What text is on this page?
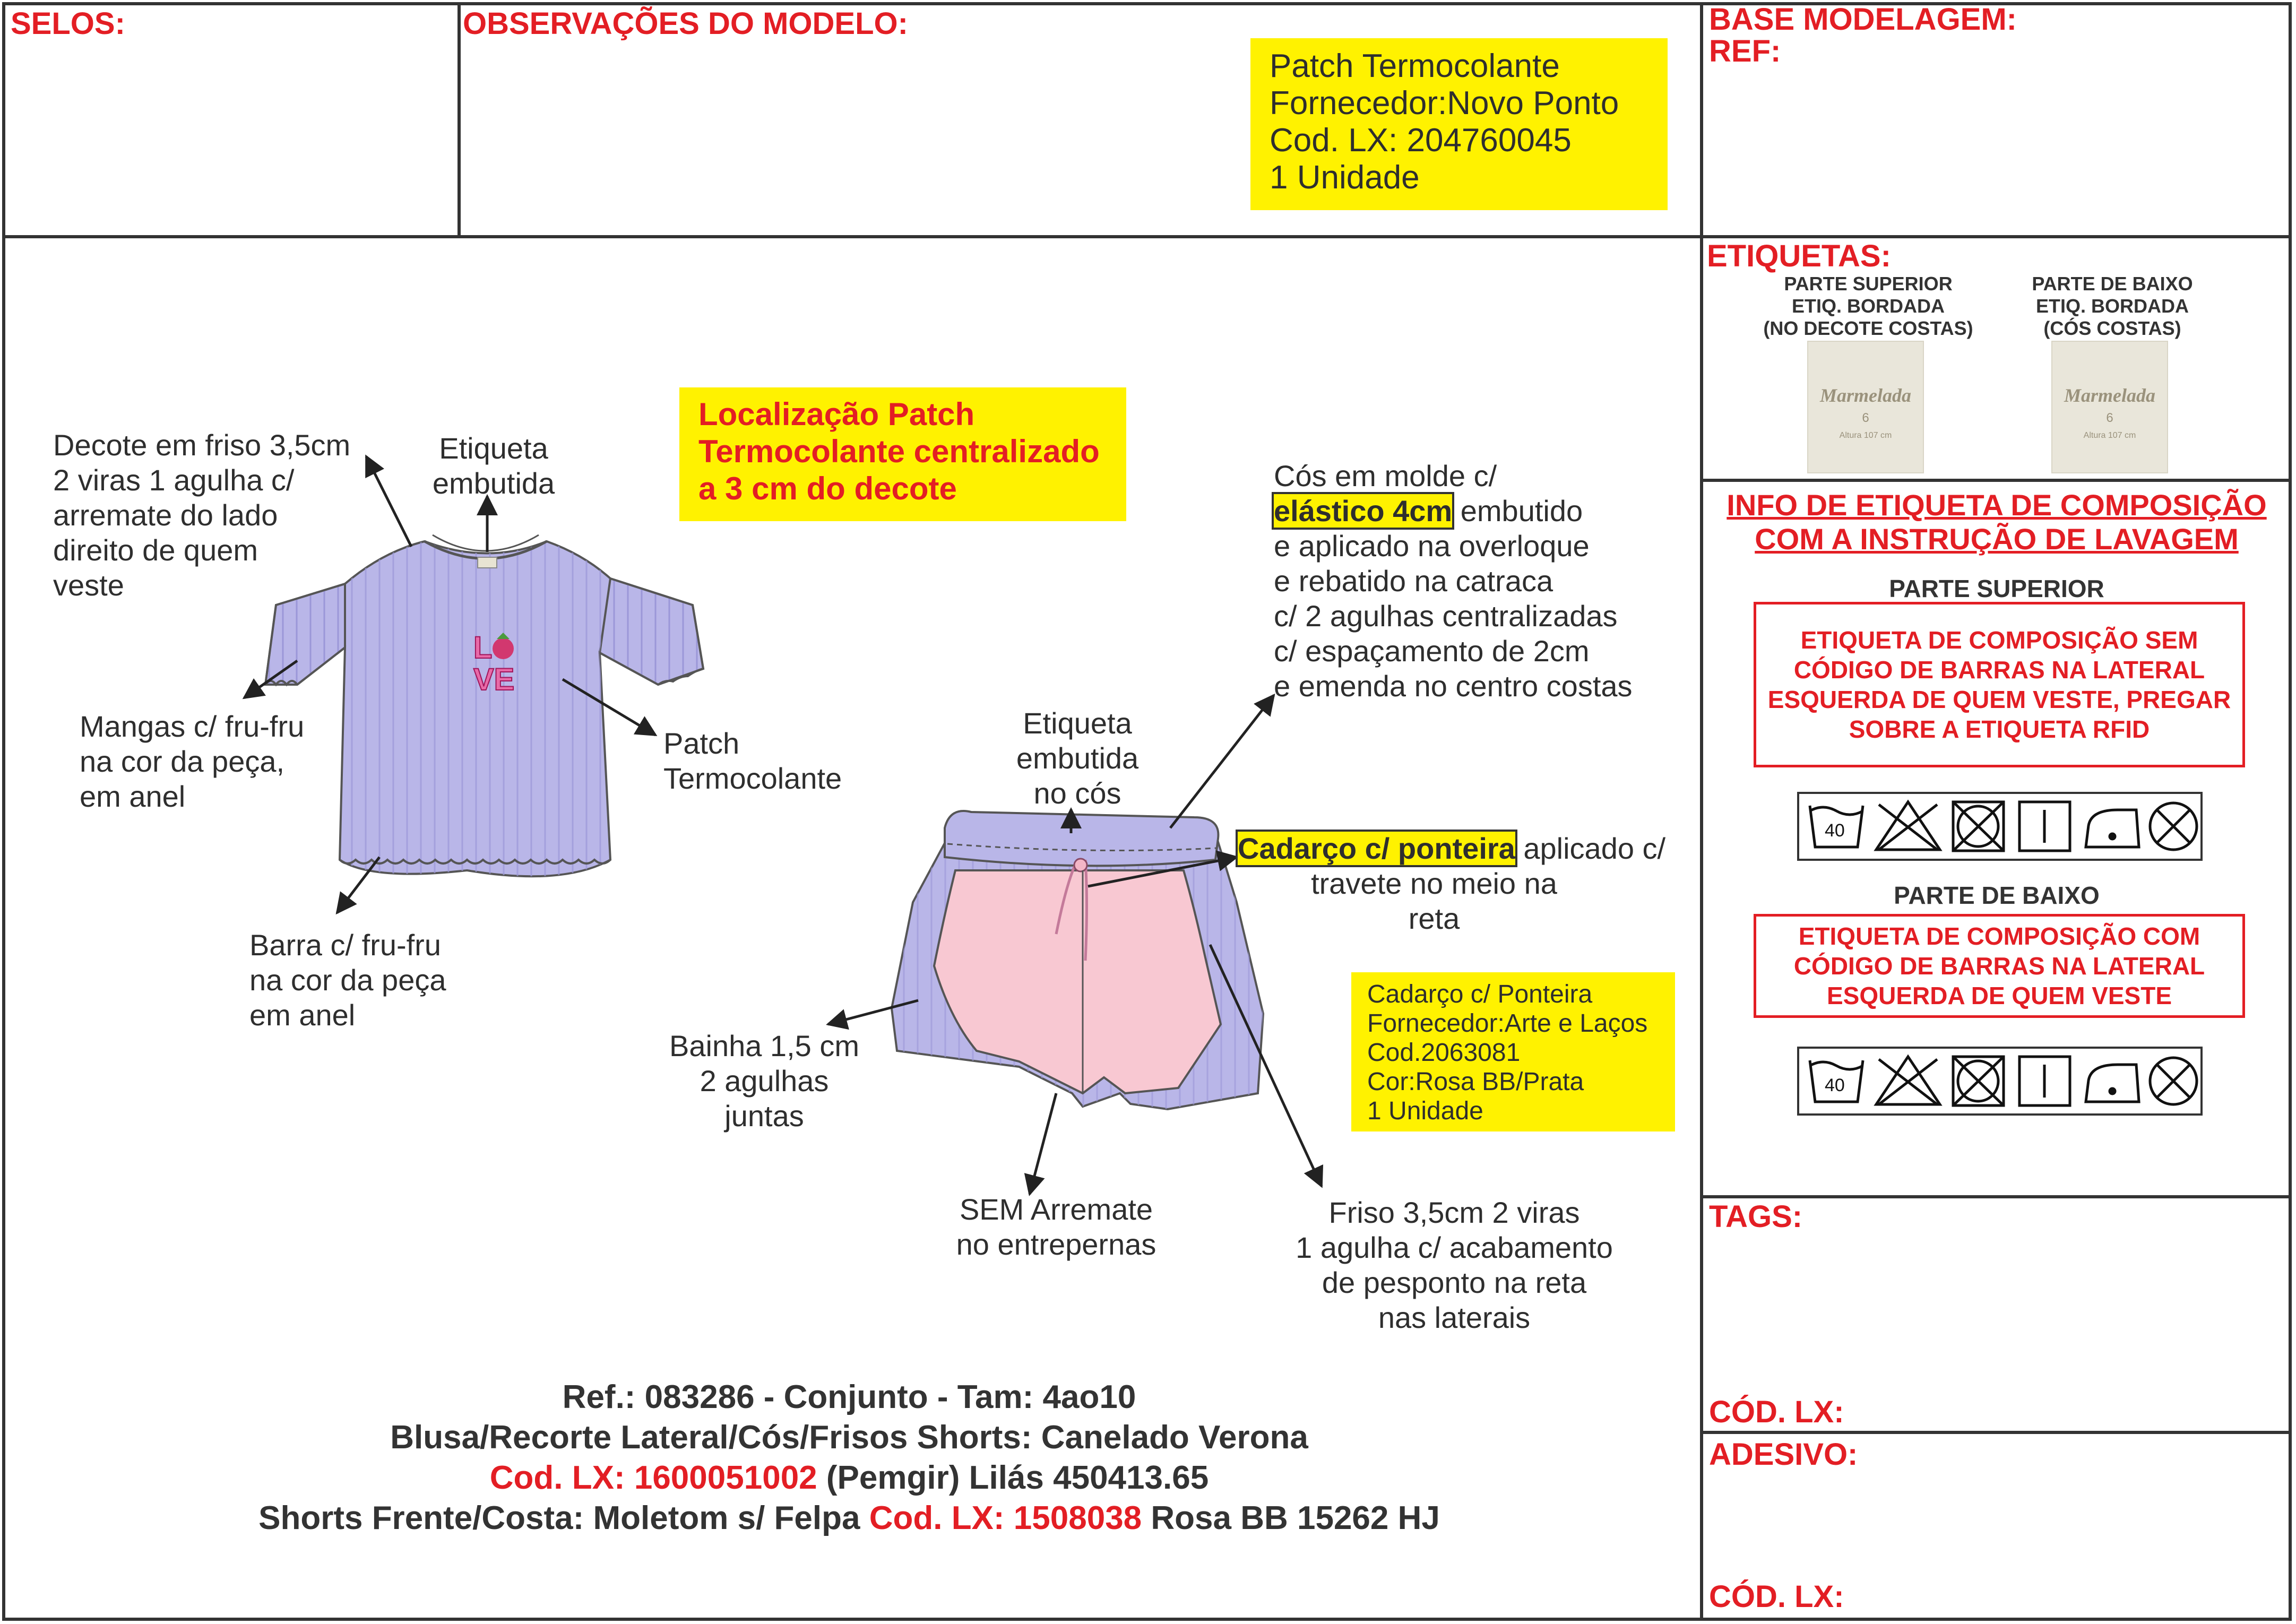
SELOS:	OBSERVAÇÕES DO MODELO:	BASE MODELAGEM:
REF:
Patch Termocolante
Fornecedor:Novo Ponto
Cod. LX: 204760045
1 Unidade
Localização Patch
Termocolante centralizado
a 3 cm do decote
L
VE
Decote em friso 3,5cm
2 viras 1 agulha c/
arremate do lado
direito de quem
veste
Etiqueta
embutida
Mangas c/ fru-fru
na cor da peça,
em anel
Patch
Termocolante
Barra c/ fru-fru
na cor da peça
em anel
Cós em molde c/
elástico 4cm embutido
e aplicado na overloque
e rebatido na catraca
c/ 2 agulhas centralizadas
c/ espaçamento de 2cm
e emenda no centro costas
Etiqueta
embutida
no cós
Cadarço c/ ponteira aplicado c/
travete no meio na
reta
Bainha 1,5 cm
2 agulhas
juntas
SEM Arremate
no entrepernas
Friso 3,5cm 2 viras
1 agulha c/ acabamento
de pesponto na reta
nas laterais
Cadarço c/ Ponteira
Fornecedor:Arte e Laços
Cod.2063081
Cor:Rosa BB/Prata
1 Unidade
Ref.: 083286 - Conjunto - Tam: 4ao10
Blusa/Recorte Lateral/Cós/Frisos Shorts: Canelado Verona
Cod. LX: 1600051002 (Pemgir) Lilás 450413.65
Shorts Frente/Costa: Moletom s/ Felpa Cod. LX: 1508038 Rosa BB 15262 HJ
ETIQUETAS:
PARTE SUPERIOR
ETIQ. BORDADA
(NO DECOTE COSTAS)
PARTE DE BAIXO
ETIQ. BORDADA
(CÓS COSTAS)
Marmelada
6
Altura 107 cm
Marmelada
6
Altura 107 cm
INFO DE ETIQUETA DE COMPOSIÇÃO
COM A INSTRUÇÃO DE LAVAGEM
PARTE SUPERIOR
ETIQUETA DE COMPOSIÇÃO SEM
CÓDIGO DE BARRAS NA LATERAL
ESQUERDA DE QUEM VESTE, PREGAR
SOBRE A ETIQUETA RFID
40
PARTE DE BAIXO
ETIQUETA DE COMPOSIÇÃO COM
CÓDIGO DE BARRAS NA LATERAL
ESQUERDA DE QUEM VESTE
40
TAGS:
CÓD. LX:
ADESIVO:
CÓD. LX:
